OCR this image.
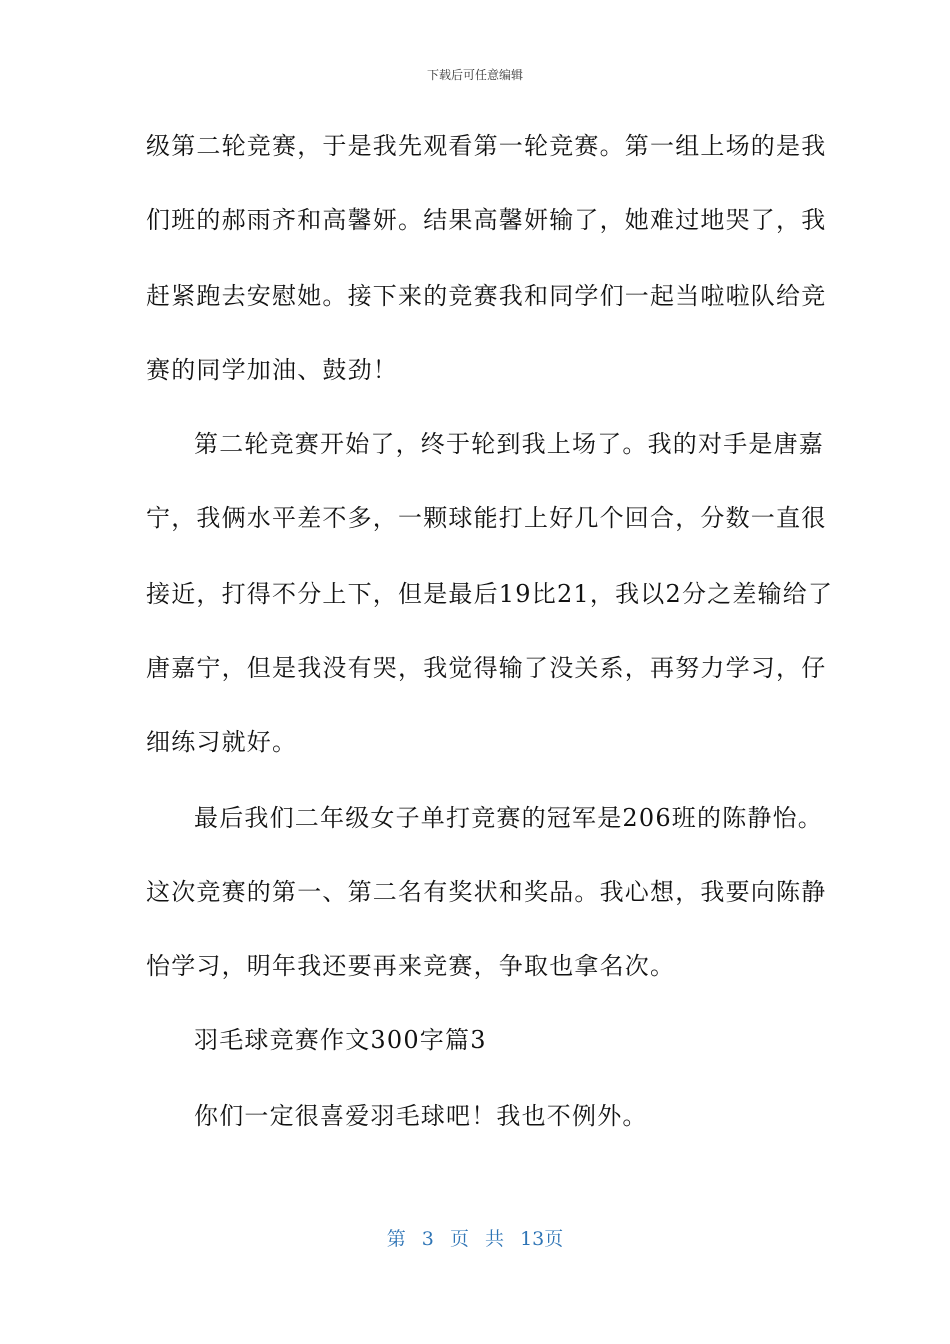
下载后可任意编辑
级第二轮竞赛，于是我先观看第一轮竞赛。第一组上场的是我
们班的郝雨齐和高馨妍。结果高馨妍输了，她难过地哭了，我
赶紧跑去安慰她。接下来的竞赛我和同学们一起当啦啦队给竞
赛的同学加油、鼓劲！
第二轮竞赛开始了，终于轮到我上场了。我的对手是唐嘉
宁，我俩水平差不多，一颗球能打上好几个回合，分数一直很
接近，打得不分上下，但是最后19比21，我以2分之差输给了
唐嘉宁，但是我没有哭，我觉得输了没关系，再努力学习，仔
细练习就好。
最后我们二年级女子单打竞赛的冠军是206班的陈静怡。
这次竞赛的第一、第二名有奖状和奖品。我心想，我要向陈静
怡学习，明年我还要再来竞赛，争取也拿名次。
羽毛球竞赛作文300字篇3
你们一定很喜爱羽毛球吧！我也不例外。
第 3 页 共 13页
